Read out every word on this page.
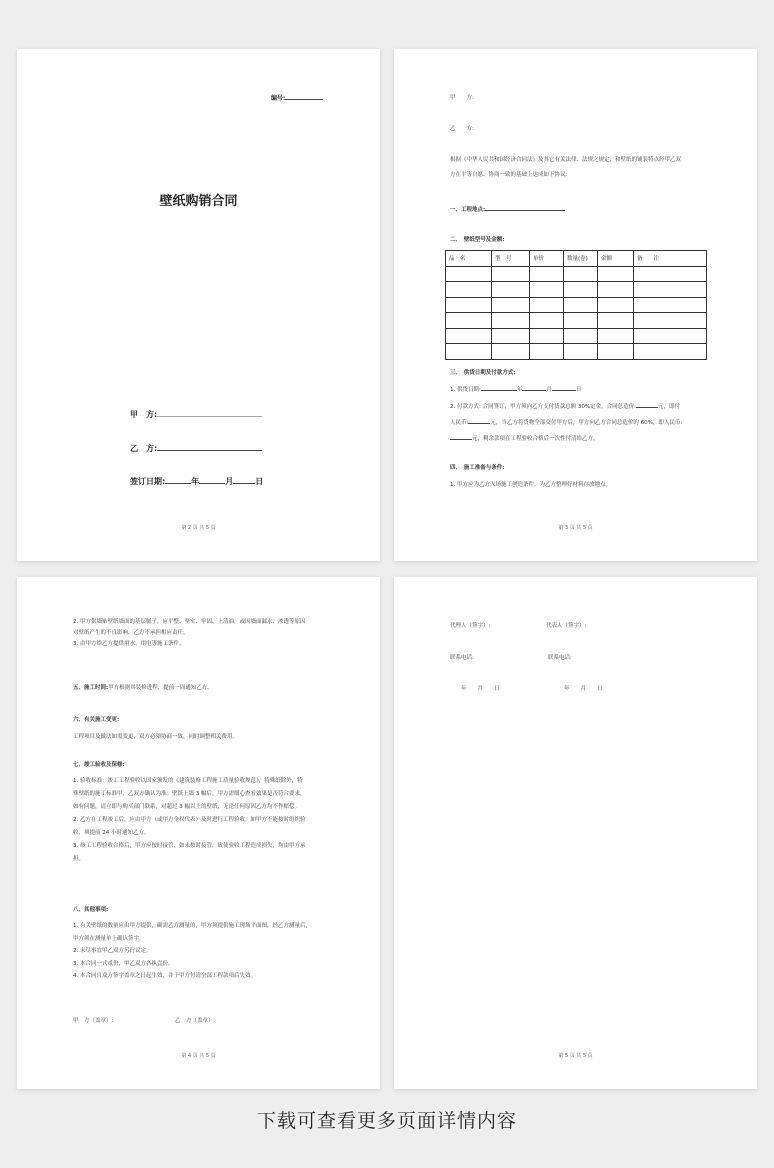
编号:
壁纸购销合同
甲　方:
乙　方:
签订日期:	年	月	日
第 2 页 共 5 页
甲　　方:
乙　　方:
根据《中华人民共和国经济合同法》及其它有关法律、法规之规定，和壁纸的铺装特点经甲乙双
方在平等自愿、协商一致的基础上达成如下协议:
一、工程地点:
二、　壁纸型号及金额:
品　名	型　号	单价	数量(卷)	金额	备　　注

三、　供货日期及付款方式:
1. 供货日期:	年	月	日
2. 付款方式: 合同签订，甲方须向乙方支付货款总额 30%定金，合同总造价:	元，即付
人民币:	元，当乙方将货物全部交付甲方后，甲方向乙方合同总造价的 60%，即人民币:
元，剩余款项在工程验收合格后一次性付清给乙方。
四、　施工准备与条件:
1. 甲方应为乙方入场施工创造条件，为乙方整理好材料存放地点。
第 3 页 共 5 页
2. 甲方供墙贴壁纸墙面的基层腻子，应平整、坚实、牢固、上清油，或因墙面漏水、渗透等原因
对壁纸产生的不良影响，乙方不承担相应责任。
3. 由甲方给乙方提供用水、用电等施工条件。
五、施工时间:甲方根据其装修进程，提前一周通知乙方。
六、有关施工变更:
工程项目及做法如需变更，双方必须协商一致，同时调整相关费用。
七、竣工验收及保修:
1. 验收标准：竣工工程验收以国家颁发的《建筑装修工程施工质量验收规范》，特殊纸除外，特
殊壁纸的施工标准甲、乙双方确认为准。壁纸上墙 3 幅后，甲方需细心查看效果是否符合要求，
如有问题，请立即与购买部门联系，对超过 3 幅以上的壁纸，无论任何原因乙方均不作赔偿。
2. 乙方在工程竣工后，应由甲方（或甲方全权代表）及时进行工程验收，如甲方不能按时组织验
收，须提前 24 小时通知乙方。
3. 竣工工程验收合格后，甲方应按时接管，如未按时接管，致使验收工程造成损失，均由甲方承
担。
八、其他事项:
1. 有关壁纸的数量应由甲方提供，确需乙方测量的，甲方须提供施工现场平面图，经乙方测量后，
甲方须在测量单上确认签字。
2. 未尽事宜甲乙双方另行议定。
3. 本合同一式贰份，甲乙双方各执壹份。
4. 本合同自双方签字盖章之日起生效，并于甲方付清全部工程款项后失效。
甲　方（盖章）:	乙　方（盖章）:
第 4 页 共 5 页
代理人（签字）:	代表人（签字）:
联系电话:	联系电话:
年　　月　　日	年　　月　　日
第 5 页 共 5 页
下载可查看更多页面详情内容
